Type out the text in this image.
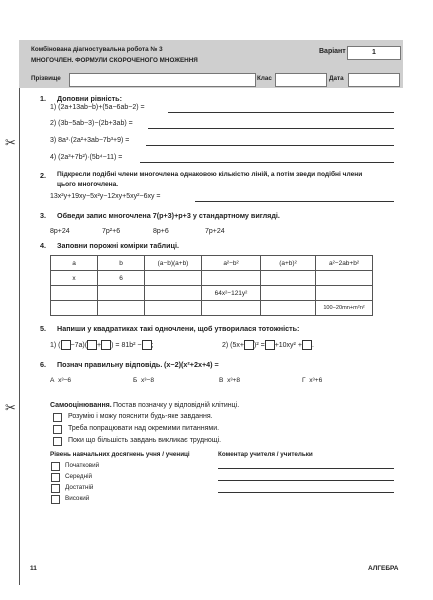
✂
✂
Комбінована діагностувальна робота № 3
МНОГОЧЛЕН. ФОРМУЛИ СКОРОЧЕНОГО МНОЖЕННЯ
Варіант	1
Прізвище	Клас	Дата
1. Доповни рівність:
1) (2a+13ab−b)+(5a−6ab−2) =
2) (3b−5ab−3)−(2b+3ab) =
3) 8a³·(2a²+3ab−7b³+9) =
4) (2a³+7b²)·(5b⁴−11) =
2. Підкресли подібні члени многочлена однаковою кількістю ліній, а потім зведи подібні члени
цього многочлена.
13x²y+19xy−5x²y−12xy+5xy²−6xy =
3. Обведи запис многочлена 7(p+3)+p+3 у стандартному вигляді.
8p+24	7p²+6	8p+6	7p+24
4. Заповни порожні комірки таблиці.
a	b	(a−b)(a+b)	a²−b²	(a+b)²	a²−2ab+b²
x	6				
			64x²−121y²		
					100−20mn+m²n²
5. Напиши у квадратиках такі одночлени, щоб утворилася тотожність:
1) ( −7a)( + ) = 81b² − ;	2) (5x+ )² = +10xy² + .
6. Познач правильну відповідь. (x−2)(x²+2x+4) =
А x³−6	Б x³−8	В x³+8	Г x³+6
Самооцінювання. Постав позначку у відповідній клітинці.
Розумію і можу пояснити будь-яке завдання.
Треба попрацювати над окремими питаннями.
Поки що більшість завдань викликає труднощі.
Рівень навчальних досягнень учня / учениці	Коментар учителя / учительки
Початковий
Середній
Достатній
Високий
11	АЛГЕБРА
